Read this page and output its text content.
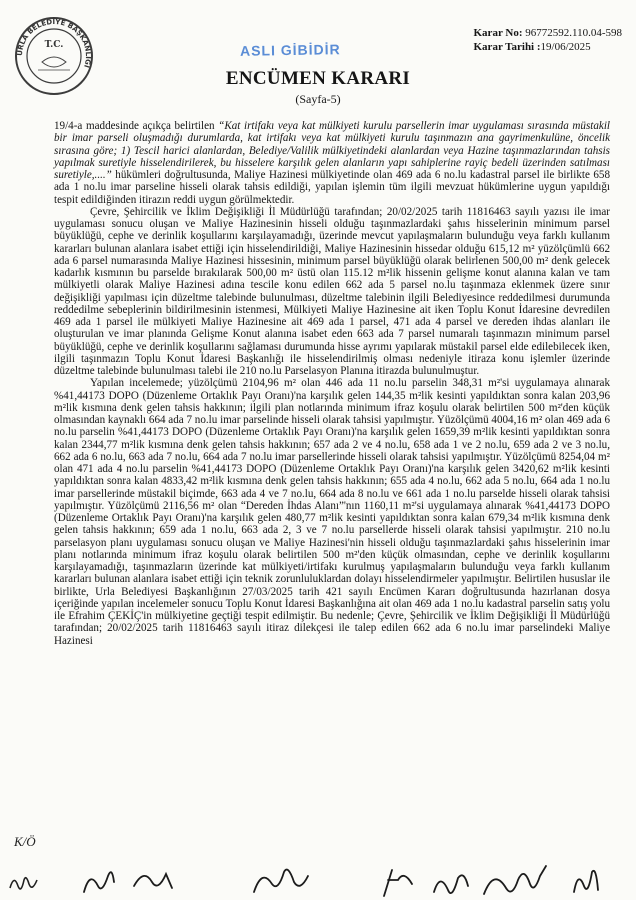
URLA BELEDİYE BAŞKANLIĞI
T.C.	ASLI GİBİDİR
Karar No: 96772592.110.04-598
Karar Tarihi :19/06/2025
ENCÜMEN KARARI
(Sayfa-5)

19/4-a maddesinde açıkça belirtilen “Kat irtifakı veya kat mülkiyeti kurulu parsellerin imar uygulaması sırasında müstakil bir imar parseli oluşmadığı durumlarda, kat irtifakı veya kat mülkiyeti kurulu taşınmazın ana gayrimenkulüne, öncelik sırasına göre; 1) Tescil harici alanlardan, Belediye/Valilik mülkiyetindeki alanlardan veya Hazine taşınmazlarından tahsis yapılmak suretiyle hisselendirilerek, bu hisselere karşılık gelen alanların yapı sahiplerine rayiç bedeli üzerinden satılması suretiyle,....” hükümleri doğrultusunda, Maliye Hazinesi mülkiyetinde olan 469 ada 6 no.lu kadastral parsel ile birlikte 658 ada 1 no.lu imar parseline hisseli olarak tahsis edildiği, yapılan işlemin tüm ilgili mevzuat hükümlerine uygun yapıldığı tespit edildiğinden itirazın reddi uygun görülmektedir.

Çevre, Şehircilik ve İklim Değişikliği İl Müdürlüğü tarafından; 20/02/2025 tarih 11816463 sayılı yazısı ile imar uygulaması sonucu oluşan ve Maliye Hazinesinin hisseli olduğu taşınmazlardaki şahıs hisselerinin minimum parsel büyüklüğü, cephe ve derinlik koşullarını karşılayamadığı, üzerinde mevcut yapılaşmaların bulunduğu veya farklı kullanım kararları bulunan alanlara isabet ettiği için hisselendirildiği, Maliye Hazinesinin hissedar olduğu 615,12 m² yüzölçümlü 662 ada 6 parsel numarasında Maliye Hazinesi hissesinin, minimum parsel büyüklüğü olarak belirlenen 500,00 m² denk gelecek kadarlık kısmının bu parselde bırakılarak 500,00 m² üstü olan 115.12 m²lik hissenin gelişme konut alanına kalan ve tam mülkiyetli olarak Maliye Hazinesi adına tescile konu edilen 662 ada 5 parsel no.lu taşınmaza eklenmek üzere sınır değişikliği yapılması için düzeltme talebinde bulunulması, düzeltme talebinin ilgili Belediyesince reddedilmesi durumunda reddedilme sebeplerinin bildirilmesinin istenmesi, Mülkiyeti Maliye Hazinesine ait iken Toplu Konut İdaresine devredilen 469 ada 1 parsel ile mülkiyeti Maliye Hazinesine ait 469 ada 1 parsel, 471 ada 4 parsel ve dereden ihdas alanları ile oluşturulan ve imar planında Gelişme Konut alanına isabet eden 663 ada 7 parsel numaralı taşınmazın minimum parsel büyüklüğü, cephe ve derinlik koşullarını sağlaması durumunda hisse ayrımı yapılarak müstakil parsel elde edilebilecek iken, ilgili taşınmazın Toplu Konut İdaresi Başkanlığı ile hisselendirilmiş olması nedeniyle itiraza konu işlemler üzerinde düzeltme talebinde bulunulması talebi ile 210 no.lu Parselasyon Planına itirazda bulunulmuştur.

Yapılan incelemede; yüzölçümü 2104,96 m² olan 446 ada 11 no.lu parselin 348,31 m²'si uygulamaya alınarak %41,44173 DOPO (Düzenleme Ortaklık Payı Oranı)'na karşılık gelen 144,35 m²lik kesinti yapıldıktan sonra kalan 203,96 m²lik kısmına denk gelen tahsis hakkının; ilgili plan notlarında minimum ifraz koşulu olarak belirtilen 500 m²'den küçük olmasından kaynaklı 664 ada 7 no.lu imar parselinde hisseli olarak tahsisi yapılmıştır. Yüzölçümü 4004,16 m² olan 469 ada 6 no.lu parselin %41,44173 DOPO (Düzenleme Ortaklık Payı Oranı)'na karşılık gelen 1659,39 m²lik kesinti yapıldıktan sonra kalan 2344,77 m²lik kısmına denk gelen tahsis hakkının; 657 ada 2 ve 4 no.lu, 658 ada 1 ve 2 no.lu, 659 ada 2 ve 3 no.lu, 662 ada 6 no.lu, 663 ada 7 no.lu, 664 ada 7 no.lu imar parsellerinde hisseli olarak tahsisi yapılmıştır. Yüzölçümü 8254,04 m² olan 471 ada 4 no.lu parselin %41,44173 DOPO (Düzenleme Ortaklık Payı Oranı)'na karşılık gelen 3420,62 m²lik kesinti yapıldıktan sonra kalan 4833,42 m²lik kısmına denk gelen tahsis hakkının; 655 ada 4 no.lu, 662 ada 5 no.lu, 664 ada 1 no.lu imar parsellerinde müstakil biçimde, 663 ada 4 ve 7 no.lu, 664 ada 8 no.lu ve 661 ada 1 no.lu parselde hisseli olarak tahsisi yapılmıştır. Yüzölçümü 2116,56 m² olan “Dereden İhdas Alanı”'nın 1160,11 m²'si uygulamaya alınarak %41,44173 DOPO (Düzenleme Ortaklık Payı Oranı)'na karşılık gelen 480,77 m²lik kesinti yapıldıktan sonra kalan 679,34 m²lik kısmına denk gelen tahsis hakkının; 659 ada 1 no.lu, 663 ada 2, 3 ve 7 no.lu parsellerde hisseli olarak tahsisi yapılmıştır. 210 no.lu parselasyon planı uygulaması sonucu oluşan ve Maliye Hazinesi'nin hisseli olduğu taşınmazlardaki şahıs hisselerinin imar planı notlarında minimum ifraz koşulu olarak belirtilen 500 m²'den küçük olmasından, cephe ve derinlik koşullarını karşılayamadığı, taşınmazların üzerinde kat mülkiyeti/irtifakı kurulmuş yapılaşmaların bulunduğu veya farklı kullanım kararları bulunan alanlara isabet ettiği için teknik zorunluluklardan dolayı hisselendirmeler yapılmıştır. Belirtilen hususlar ile birlikte, Urla Belediyesi Başkanlığının 27/03/2025 tarih 421 sayılı Encümen Kararı doğrultusunda hazırlanan dosya içeriğinde yapılan incelemeler sonucu Toplu Konut İdaresi Başkanlığına ait olan 469 ada 1 no.lu kadastral parselin satış yolu ile Efrahim ÇEKİÇ'in mülkiyetine geçtiği tespit edilmiştir. Bu nedenle; Çevre, Şehircilik ve İklim Değişikliği İl Müdürlüğü tarafından; 20/02/2025 tarih 11816463 sayılı itiraz dilekçesi ile talep edilen 662 ada 6 no.lu imar parselindeki Maliye Hazinesi

K/Ö
